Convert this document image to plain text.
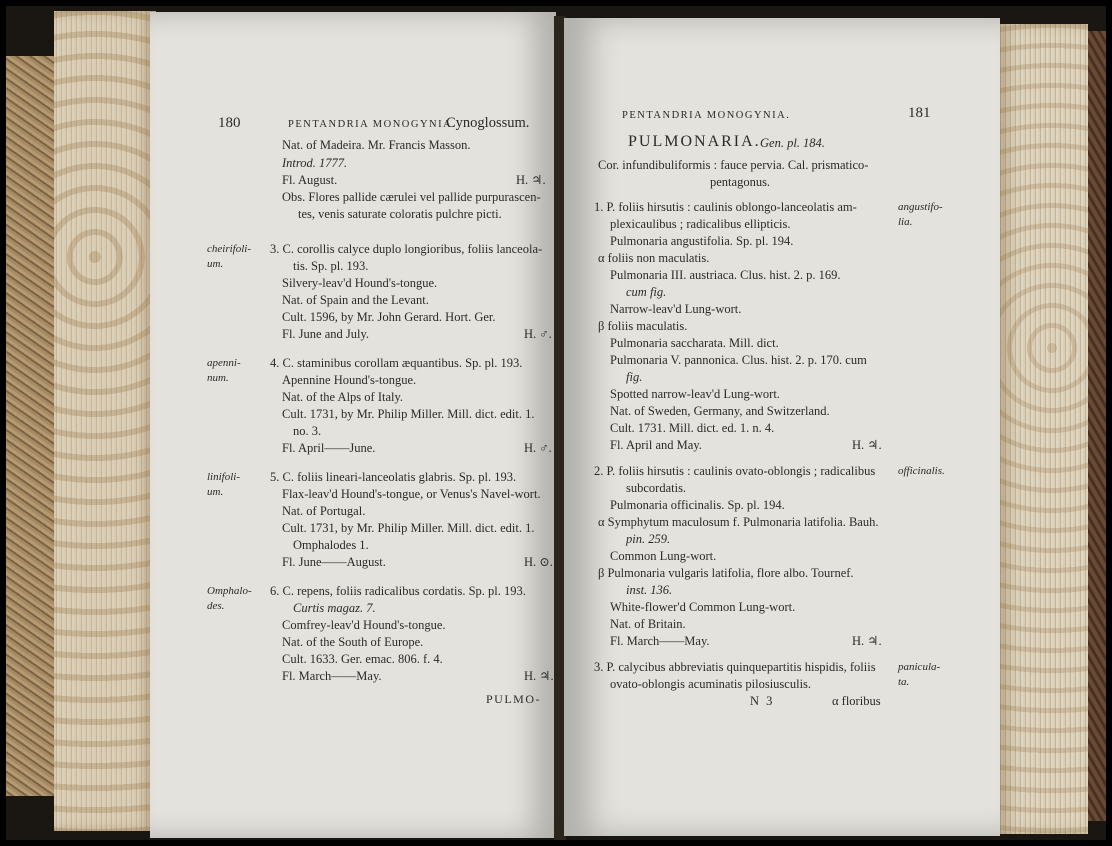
180	PENTANDRIA MONOGYNIA.
Cynoglossum.
Nat. of Madeira. Mr. Francis Masson.
Introd. 1777.
Fl. August.	H. ♃.
Obs. Flores pallide cærulei vel pallide purpurascen-
tes, venis saturate coloratis pulchre picti.
cheirifoli-
um.
3. C. corollis calyce duplo longioribus, foliis lanceola-
tis. Sp. pl. 193.
Silvery-leav'd Hound's-tongue.
Nat. of Spain and the Levant.
Cult. 1596, by Mr. John Gerard. Hort. Ger.
Fl. June and July.	H. ♂.
apenni-
num.
4. C. staminibus corollam æquantibus. Sp. pl. 193.
Apennine Hound's-tongue.
Nat. of the Alps of Italy.
Cult. 1731, by Mr. Philip Miller. Mill. dict. edit. 1.
no. 3.
Fl. April——June.	H. ♂.
linifoli-
um.
5. C. foliis lineari-lanceolatis glabris. Sp. pl. 193.
Flax-leav'd Hound's-tongue, or Venus's Navel-wort.
Nat. of Portugal.
Cult. 1731, by Mr. Philip Miller. Mill. dict. edit. 1.
Omphalodes 1.
Fl. June——August.	H. ⊙.
Omphalo-
des.
6. C. repens, foliis radicalibus cordatis. Sp. pl. 193.
Curtis magaz. 7.
Comfrey-leav'd Hound's-tongue.
Nat. of the South of Europe.
Cult. 1633. Ger. emac. 806. f. 4.
Fl. March——May.	H. ♃.
PULMO-
PENTANDRIA MONOGYNIA.	181
PULMONARIA. Gen. pl. 184.
Cor. infundibuliformis : fauce pervia. Cal. prismatico-
pentagonus.
angustifo-
lia.
1. P. foliis hirsutis : caulinis oblongo-lanceolatis am-
plexicaulibus ; radicalibus ellipticis.
Pulmonaria angustifolia. Sp. pl. 194.
α foliis non maculatis.
Pulmonaria III. austriaca. Clus. hist. 2. p. 169.
cum fig.
Narrow-leav'd Lung-wort.
β foliis maculatis.
Pulmonaria saccharata. Mill. dict.
Pulmonaria V. pannonica. Clus. hist. 2. p. 170. cum
fig.
Spotted narrow-leav'd Lung-wort.
Nat. of Sweden, Germany, and Switzerland.
Cult. 1731. Mill. dict. ed. 1. n. 4.
Fl. April and May.	H. ♃.
officinalis.
2. P. foliis hirsutis : caulinis ovato-oblongis ; radicalibus
subcordatis.
Pulmonaria officinalis. Sp. pl. 194.
α Symphytum maculosum f. Pulmonaria latifolia. Bauh.
pin. 259.
Common Lung-wort.
β Pulmonaria vulgaris latifolia, flore albo. Tournef.
inst. 136.
White-flower'd Common Lung-wort.
Nat. of Britain.
Fl. March——May.	H. ♃.
panicula-
ta.
3. P. calycibus abbreviatis quinquepartitis hispidis, foliis
ovato-oblongis acuminatis pilosiusculis.
N 3	α floribus
